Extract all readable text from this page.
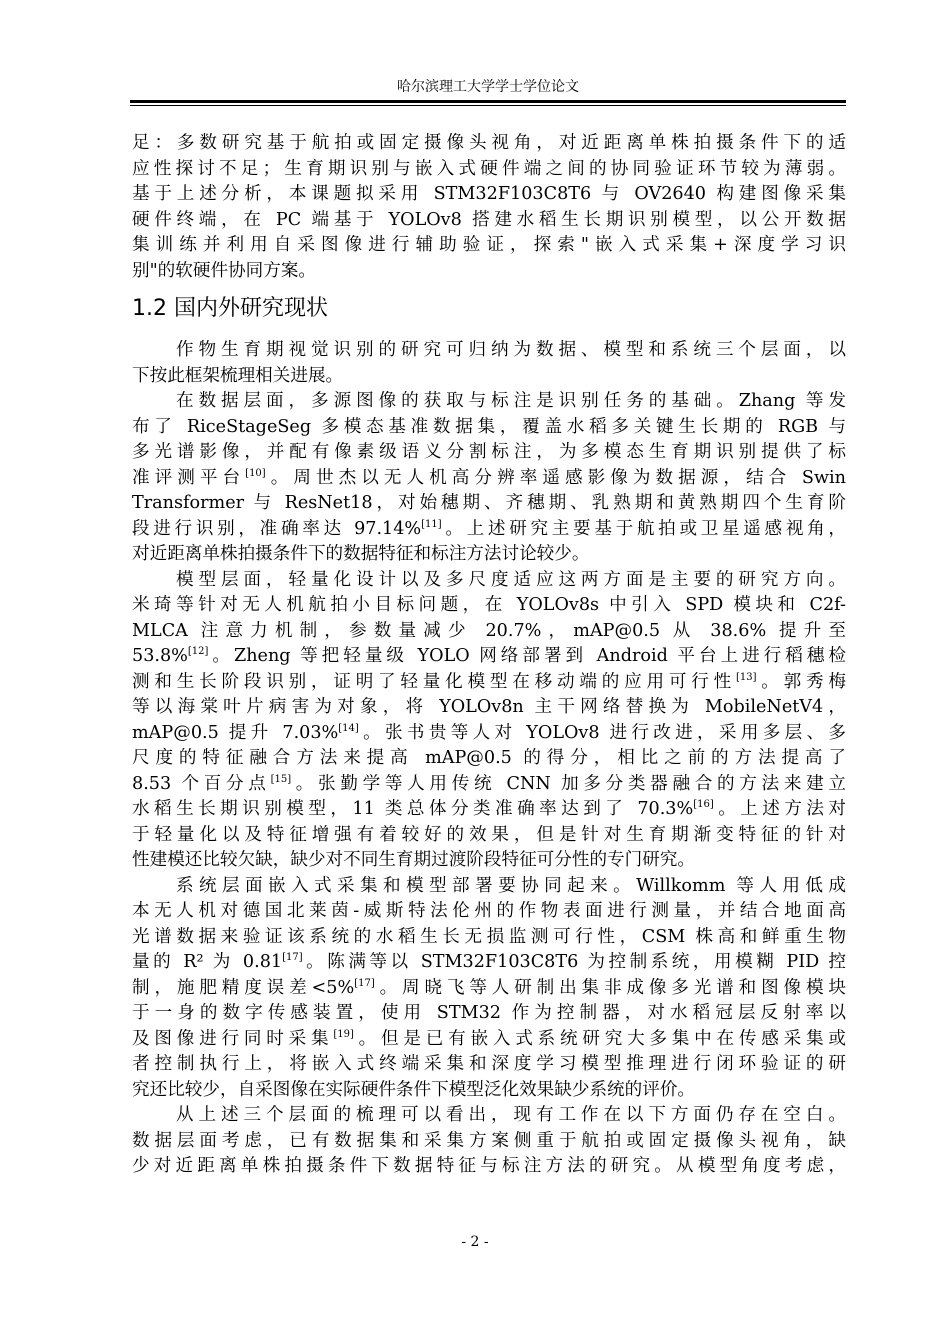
哈尔滨理工大学学士学位论文
足：多数研究基于航拍或固定摄像头视角，对近距离单株拍摄条件下的适
应性探讨不足；生育期识别与嵌入式硬件端之间的协同验证环节较为薄弱。
基于上述分析，本课题拟采用 STM32F103C8T6 与 OV2640 构建图像采集
硬件终端，在 PC 端基于 YOLOv8 搭建水稻生长期识别模型，以公开数据
集训练并利用自采图像进行辅助验证，探索"嵌入式采集+深度学习识
别"的软硬件协同方案。
1.2 国内外研究现状
作物生育期视觉识别的研究可归纳为数据、模型和系统三个层面，以
下按此框架梳理相关进展。
在数据层面，多源图像的获取与标注是识别任务的基础。Zhang 等发
布了 RiceStageSeg 多模态基准数据集，覆盖水稻多关键生长期的 RGB 与
多光谱影像，并配有像素级语义分割标注，为多模态生育期识别提供了标
准评测平台[10]。周世杰以无人机高分辨率遥感影像为数据源，结合 Swin
Transformer 与 ResNet18，对始穗期、齐穗期、乳熟期和黄熟期四个生育阶
段进行识别，准确率达 97.14%[11]。上述研究主要基于航拍或卫星遥感视角，
对近距离单株拍摄条件下的数据特征和标注方法讨论较少。
模型层面，轻量化设计以及多尺度适应这两方面是主要的研究方向。
米琦等针对无人机航拍小目标问题，在 YOLOv8s 中引入 SPD 模块和 C2f-
MLCA 注意力机制，参数量减少 20.7%，mAP@0.5 从 38.6% 提升至
53.8%[12]。Zheng 等把轻量级 YOLO 网络部署到 Android 平台上进行稻穗检
测和生长阶段识别，证明了轻量化模型在移动端的应用可行性[13]。郭秀梅
等以海棠叶片病害为对象，将 YOLOv8n 主干网络替换为 MobileNetV4，
mAP@0.5 提升 7.03%[14]。张书贵等人对 YOLOv8 进行改进，采用多层、多
尺度的特征融合方法来提高 mAP@0.5 的得分，相比之前的方法提高了
8.53 个百分点[15]。张勤学等人用传统 CNN 加多分类器融合的方法来建立
水稻生长期识别模型，11 类总体分类准确率达到了 70.3%[16]。上述方法对
于轻量化以及特征增强有着较好的效果，但是针对生育期渐变特征的针对
性建模还比较欠缺，缺少对不同生育期过渡阶段特征可分性的专门研究。
系统层面嵌入式采集和模型部署要协同起来。Willkomm 等人用低成
本无人机对德国北莱茵-威斯特法伦州的作物表面进行测量，并结合地面高
光谱数据来验证该系统的水稻生长无损监测可行性，CSM 株高和鲜重生物
量的 R² 为 0.81[17]。陈满等以 STM32F103C8T6 为控制系统，用模糊 PID 控
制，施肥精度误差<5%[17]。周晓飞等人研制出集非成像多光谱和图像模块
于一身的数字传感装置，使用 STM32 作为控制器，对水稻冠层反射率以
及图像进行同时采集[19]。但是已有嵌入式系统研究大多集中在传感采集或
者控制执行上，将嵌入式终端采集和深度学习模型推理进行闭环验证的研
究还比较少，自采图像在实际硬件条件下模型泛化效果缺少系统的评价。
从上述三个层面的梳理可以看出，现有工作在以下方面仍存在空白。
数据层面考虑，已有数据集和采集方案侧重于航拍或固定摄像头视角，缺
少对近距离单株拍摄条件下数据特征与标注方法的研究。从模型角度考虑，
- 2 -
